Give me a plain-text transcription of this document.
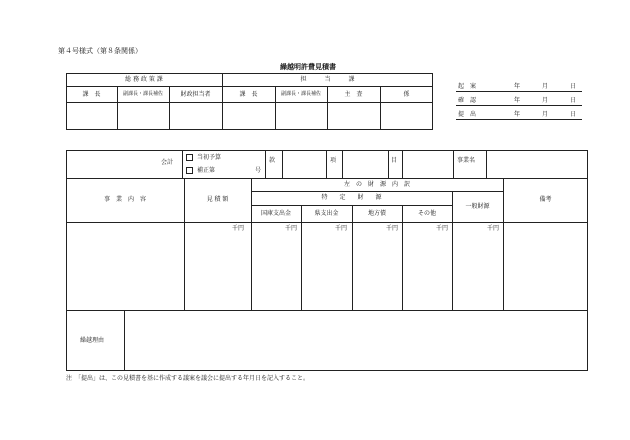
第４号様式（第８条関係）
繰越明許費見積書
総 務 政 策 課	担　　　当　　　課
課　長	副課長・課長補佐	財政担当者	課　長	副課長・課長補佐	主　査	係
起　案	年	月	日
確　認	年	月	日
提　出	年	月	日
会計
当初予算
補正第	号
款	項	目	事業名
事　業　内　容	見 積 額
左　の　財　源　内　訳
特　　定　　財　　源
国庫支出金	県支出金	地方債	その他
一般財源
備考
千円	千円	千円	千円	千円	千円
繰越理由
注　「提出」は、この見積書を基に作成する議案を議会に提出する年月日を記入すること。
